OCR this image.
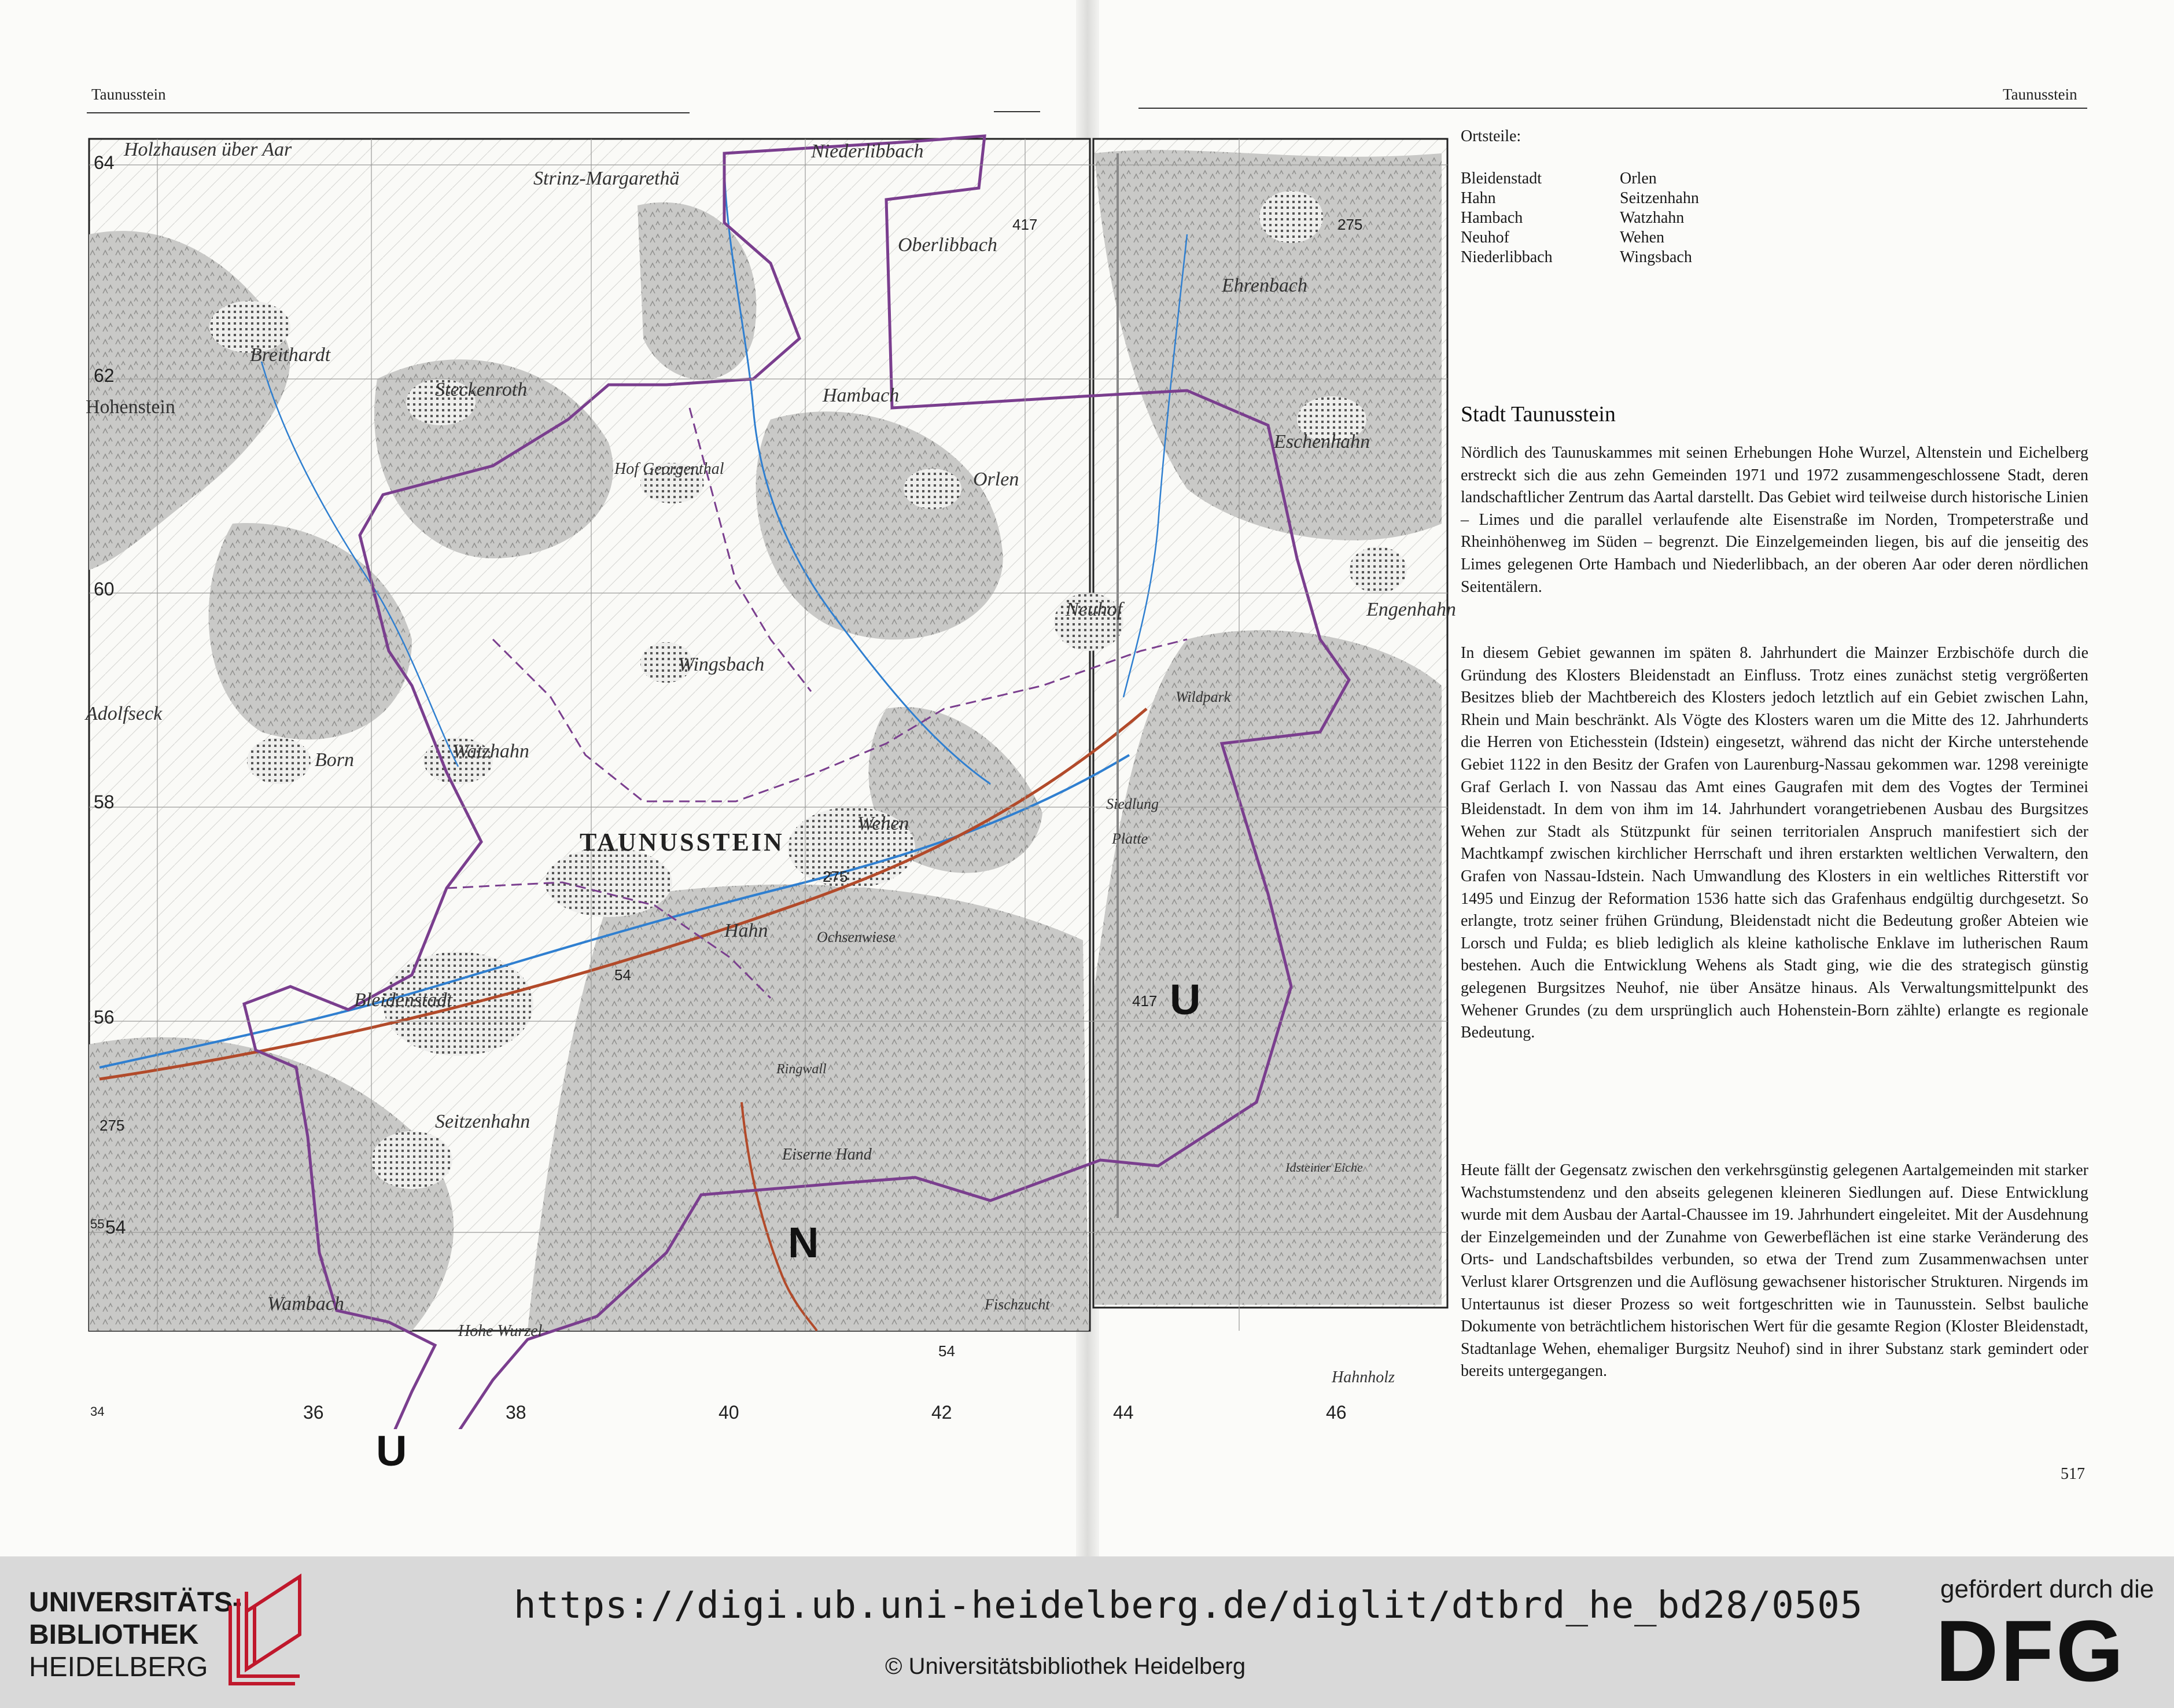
Taunusstein	Taunusstein
Holzhausen über Aar
Strinz-Margarethä
Niederlibbach
Oberlibbach
Breithardt
Hohenstein
Steckenroth	Hambach
Ehrenbach
Hof Georgenthal	Orlen
Eschenhahn
Neuhof	Engenhahn
Wingsbach
Adolfseck
Watzhahn
Born
TAUNUSSTEIN
Wehen
Hahn
Bleidenstadt
Seitzenhahn
Wambach
Hohe Wurzel
Eiserne Hand
Fischzucht
Hahnholz
Wildpark
Platte
Ochsenwiese
Siedlung
Ringwall
Idsteiner Eiche
64
62
60
58
56
54
55
34	36	38	40	42	44	46
275
417
54
275
417
54
275
U
N
U
Ortsteile:
Bleidenstadt	Orlen
Hahn	Seitzenhahn
Hambach	Watzhahn
Neuhof	Wehen
Niederlibbach	Wingsbach
Stadt Taunusstein

Nördlich des Taunuskammes mit seinen Erhebungen Hohe Wurzel, Altenstein und Eichelberg erstreckt sich die aus zehn Gemeinden 1971 und 1972 zusammengeschlossene Stadt, deren landschaftlicher Zentrum das Aartal darstellt. Das Gebiet wird teilweise durch historische Linien – Limes und die parallel verlaufende alte Eisenstraße im Norden, Trompeterstraße und Rheinhöhenweg im Süden – begrenzt. Die Einzelgemeinden liegen, bis auf die jenseitig des Limes gelegenen Orte Hambach und Niederlibbach, an der oberen Aar oder deren nördlichen Seitentälern.

In diesem Gebiet gewannen im späten 8. Jahrhundert die Mainzer Erzbischöfe durch die Gründung des Klosters Bleidenstadt an Einfluss. Trotz eines zunächst stetig vergrößerten Besitzes blieb der Machtbereich des Klosters jedoch letztlich auf ein Gebiet zwischen Lahn, Rhein und Main beschränkt. Als Vögte des Klosters waren um die Mitte des 12. Jahrhunderts die Herren von Etichesstein (Idstein) eingesetzt, während das nicht der Kirche unterstehende Gebiet 1122 in den Besitz der Grafen von Laurenburg-Nassau gekommen war. 1298 vereinigte Graf Gerlach I. von Nassau das Amt eines Gaugrafen mit dem des Vogtes der Terminei Bleidenstadt. In dem von ihm im 14. Jahrhundert vorangetriebenen Ausbau des Burgsitzes Wehen zur Stadt als Stützpunkt für seinen territorialen Anspruch manifestiert sich der Machtkampf zwischen kirchlicher Herrschaft und ihren erstarkten weltlichen Verwaltern, den Grafen von Nassau-Idstein. Nach Umwandlung des Klosters in ein weltliches Ritterstift vor 1495 und Einzug der Reformation 1536 hatte sich das Grafenhaus endgültig durchgesetzt. So erlangte, trotz seiner frühen Gründung, Bleidenstadt nicht die Bedeutung großer Abteien wie Lorsch und Fulda; es blieb lediglich als kleine katholische Enklave im lutherischen Raum bestehen. Auch die Entwicklung Wehens als Stadt ging, wie die des strategisch günstig gelegenen Burgsitzes Neuhof, nie über Ansätze hinaus. Als Verwaltungsmittelpunkt des Wehener Grundes (zu dem ursprünglich auch Hohenstein-Born zählte) erlangte es regionale Bedeutung.

Heute fällt der Gegensatz zwischen den verkehrsgünstig gelegenen Aartalgemeinden mit starker Wachstumstendenz und den abseits gelegenen kleineren Siedlungen auf. Diese Entwicklung wurde mit dem Ausbau der Aartal-Chaussee im 19. Jahrhundert eingeleitet. Mit der Ausdehnung der Einzelgemeinden und der Zunahme von Gewerbeflächen ist eine starke Veränderung des Orts- und Landschaftsbildes verbunden, so etwa der Trend zum Zusammenwachsen unter Verlust klarer Ortsgrenzen und die Auflösung gewachsener historischer Strukturen. Nirgends im Untertaunus ist dieser Prozess so weit fortgeschritten wie in Taunusstein. Selbst bauliche Dokumente von beträchtlichem historischen Wert für die gesamte Region (Kloster Bleidenstadt, Stadtanlage Wehen, ehemaliger Burgsitz Neuhof) sind in ihrer Substanz stark gemindert oder bereits untergegangen.

517
UNIVERSITÄTS-
BIBLIOTHEK
HEIDELBERG
https://digi.ub.uni-heidelberg.de/diglit/dtbrd_he_bd28/0505
© Universitätsbibliothek Heidelberg
gefördert durch die
DFG
